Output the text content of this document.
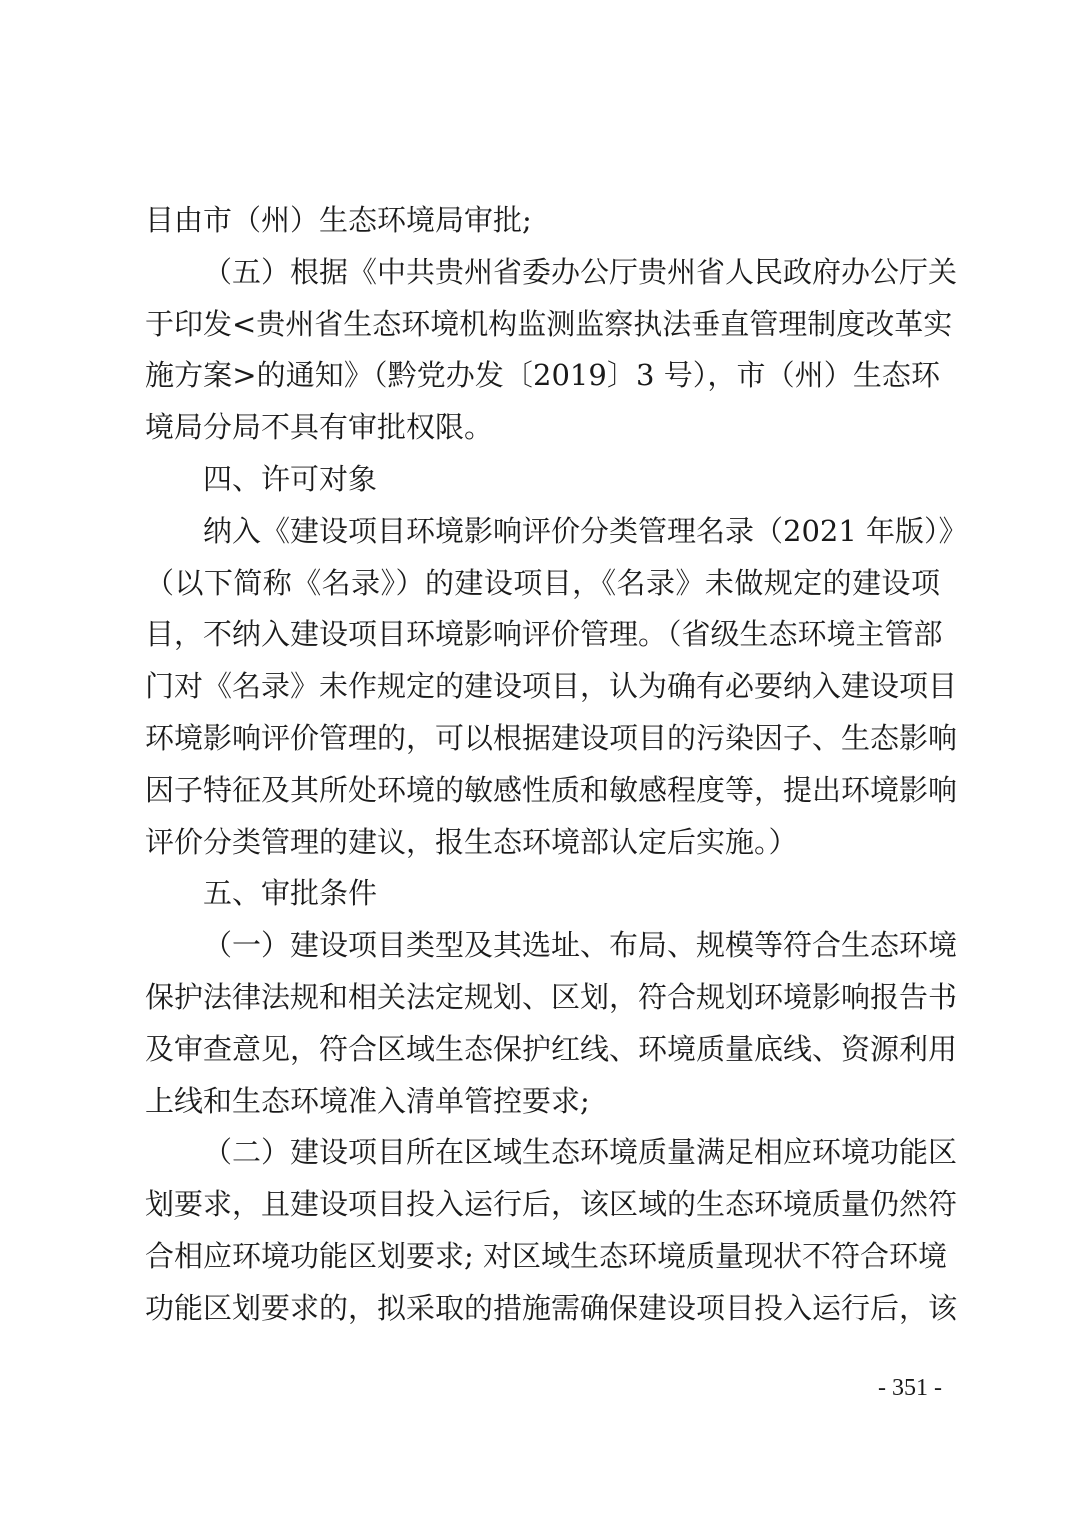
目由市（州）生态环境局审批;
（五）根据《中共贵州省委办公厅贵州省人民政府办公厅关
于印发<贵州省生态环境机构监测监察执法垂直管理制度改革实
施方案>的通知》（黔党办发〔2019〕3 号），市（州）生态环
境局分局不具有审批权限。
四、许可对象
纳入《建设项目环境影响评价分类管理名录（2021 年版）》
（以下简称《名录》）的建设项目，《名录》未做规定的建设项
目，不纳入建设项目环境影响评价管理。（省级生态环境主管部
门对《名录》未作规定的建设项目，认为确有必要纳入建设项目
环境影响评价管理的，可以根据建设项目的污染因子、生态影响
因子特征及其所处环境的敏感性质和敏感程度等，提出环境影响
评价分类管理的建议，报生态环境部认定后实施。）
五、审批条件
（一）建设项目类型及其选址、布局、规模等符合生态环境
保护法律法规和相关法定规划、区划，符合规划环境影响报告书
及审查意见，符合区域生态保护红线、环境质量底线、资源利用
上线和生态环境准入清单管控要求;
（二）建设项目所在区域生态环境质量满足相应环境功能区
划要求，且建设项目投入运行后，该区域的生态环境质量仍然符
合相应环境功能区划要求; 对区域生态环境质量现状不符合环境
功能区划要求的，拟采取的措施需确保建设项目投入运行后，该
- 351 -
